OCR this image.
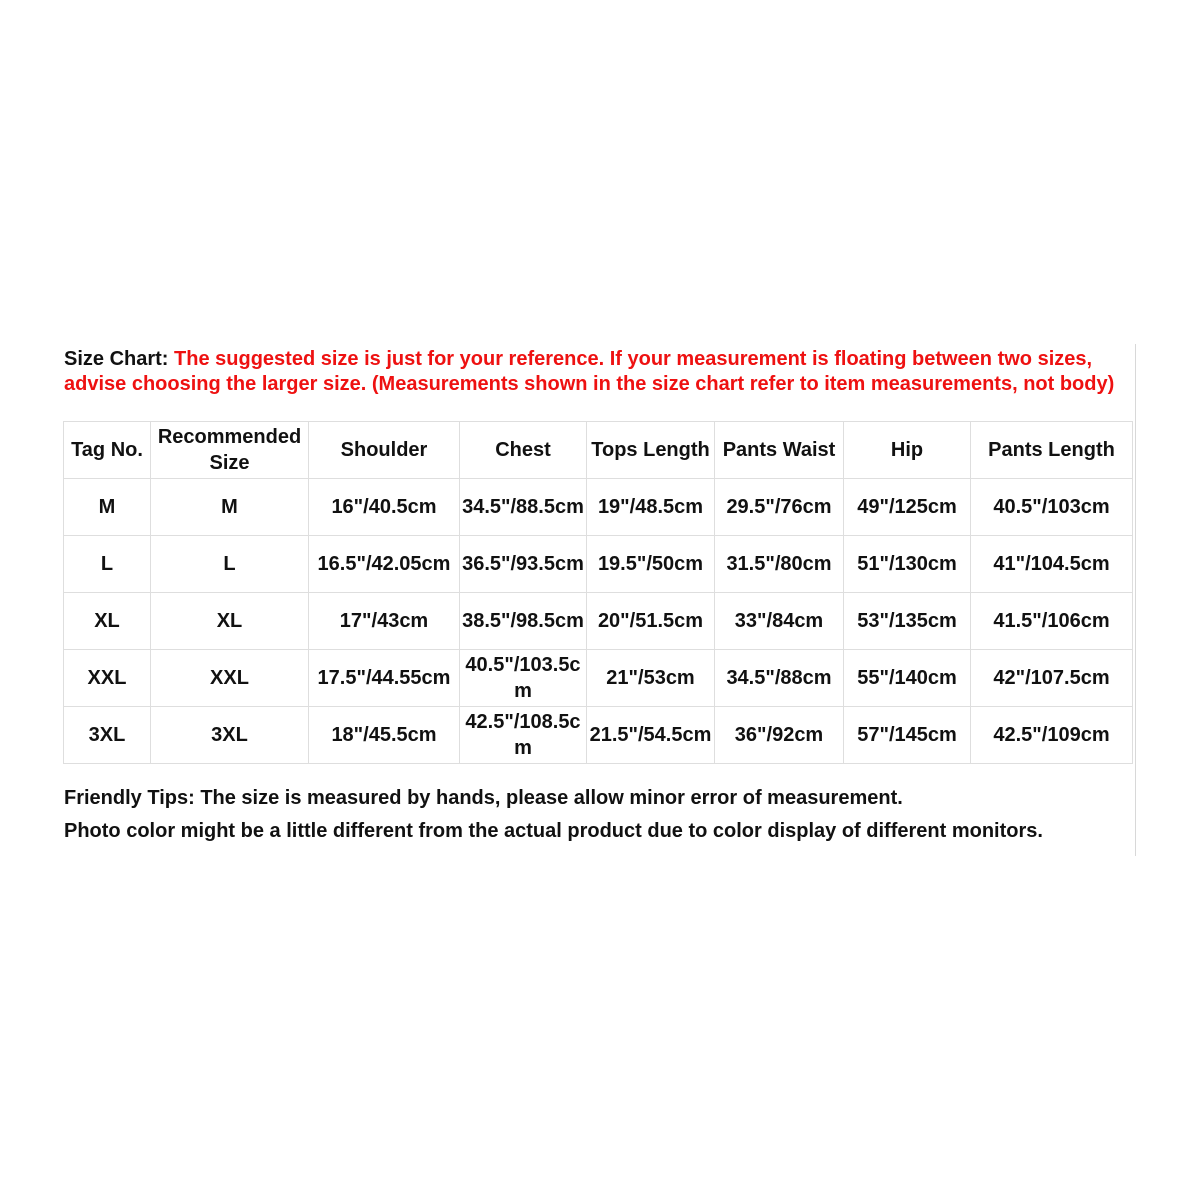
Size Chart: The suggested size is just for your reference. If your measurement is floating between two sizes, advise choosing the larger size. (Measurements shown in the size chart refer to item measurements, not body)
Tag No.	Recommended Size	Shoulder	Chest	Tops Length	Pants Waist	Hip	Pants Length
M	M	16"/40.5cm	34.5"/88.5cm	19"/48.5cm	29.5"/76cm	49"/125cm	40.5"/103cm
L	L	16.5"/42.05cm	36.5"/93.5cm	19.5"/50cm	31.5"/80cm	51"/130cm	41"/104.5cm
XL	XL	17"/43cm	38.5"/98.5cm	20"/51.5cm	33"/84cm	53"/135cm	41.5"/106cm
XXL	XXL	17.5"/44.55cm	40.5"/103.5cm	21"/53cm	34.5"/88cm	55"/140cm	42"/107.5cm
3XL	3XL	18"/45.5cm	42.5"/108.5cm	21.5"/54.5cm	36"/92cm	57"/145cm	42.5"/109cm
Friendly Tips: The size is measured by hands, please allow minor error of measurement.
Photo color might be a little different from the actual product due to color display of different monitors.
